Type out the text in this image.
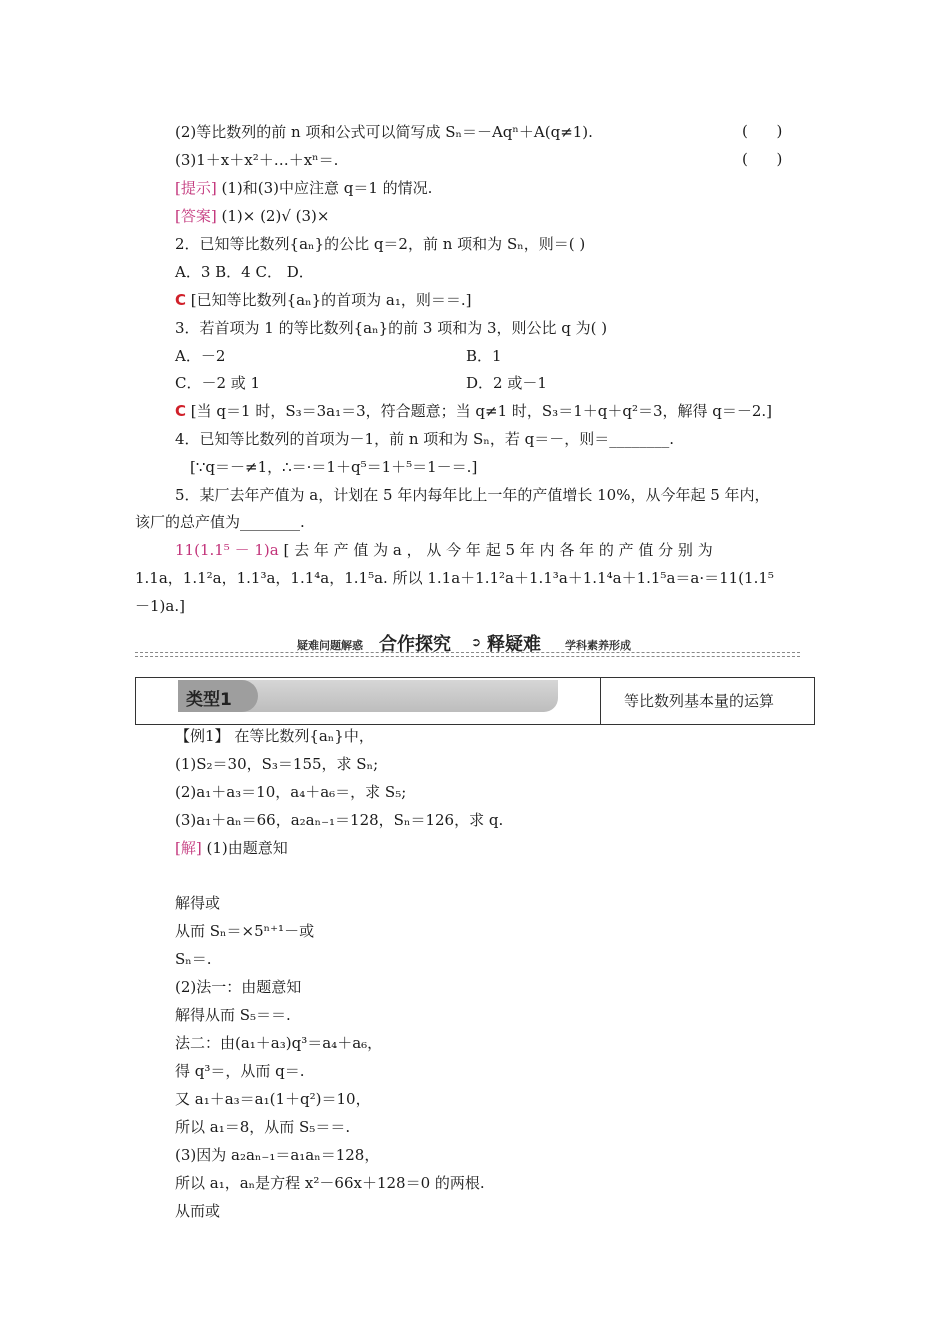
(2)等比数列的前 n 项和公式可以简写成 Sₙ＝－Aqⁿ＋A(q≠1).	(      )
(3)1＋x＋x²＋…＋xⁿ＝.	(      )
[提示] (1)和(3)中应注意 q＝1 的情况.
[答案] (1)× (2)√ (3)×
2．已知等比数列{aₙ}的公比 q＝2，前 n 项和为 Sₙ，则＝( )
A．3 B．4 C． D．
C [已知等比数列{aₙ}的首项为 a₁，则＝＝.]
3．若首项为 1 的等比数列{aₙ}的前 3 项和为 3，则公比 q 为( )
A．－2	B．1
C．－2 或 1	D．2 或－1
C [当 q＝1 时，S₃＝3a₁＝3，符合题意；当 q≠1 时，S₃＝1＋q＋q²＝3，解得 q＝－2.]
4．已知等比数列的首项为－1，前 n 项和为 Sₙ，若 q＝－，则＝________.
[∵q＝－≠1，∴＝·＝1＋q⁵＝1＋⁵＝1－＝.]
5．某厂去年产值为 a，计划在 5 年内每年比上一年的产值增长 10%，从今年起 5 年内，
该厂的总产值为________.
11(1.1⁵ － 1)a [ 去 年 产 值 为 a ， 从 今 年 起 5 年 内 各 年 的 产 值 分 别 为
1.1a，1.1²a，1.1³a，1.1⁴a，1.1⁵a. 所以 1.1a＋1.1²a＋1.1³a＋1.1⁴a＋1.1⁵a＝a·＝11(1.1⁵
－1)a.]
疑难问题解惑 合作探究 ➲ 释疑难 学科素养形成
类型1	等比数列基本量的运算
【例1】 在等比数列{aₙ}中，
(1)S₂＝30，S₃＝155，求 Sₙ;
(2)a₁＋a₃＝10，a₄＋a₆＝，求 S₅;
(3)a₁＋aₙ＝66，a₂aₙ₋₁＝128，Sₙ＝126，求 q.
[解] (1)由题意知
解得或
从而 Sₙ＝×5ⁿ⁺¹－或
Sₙ＝.
(2)法一：由题意知
解得从而 S₅＝＝.
法二：由(a₁＋a₃)q³＝a₄＋a₆，
得 q³＝，从而 q＝.
又 a₁＋a₃＝a₁(1＋q²)＝10，
所以 a₁＝8，从而 S₅＝＝.
(3)因为 a₂aₙ₋₁＝a₁aₙ＝128，
所以 a₁，aₙ是方程 x²－66x＋128＝0 的两根.
从而或
